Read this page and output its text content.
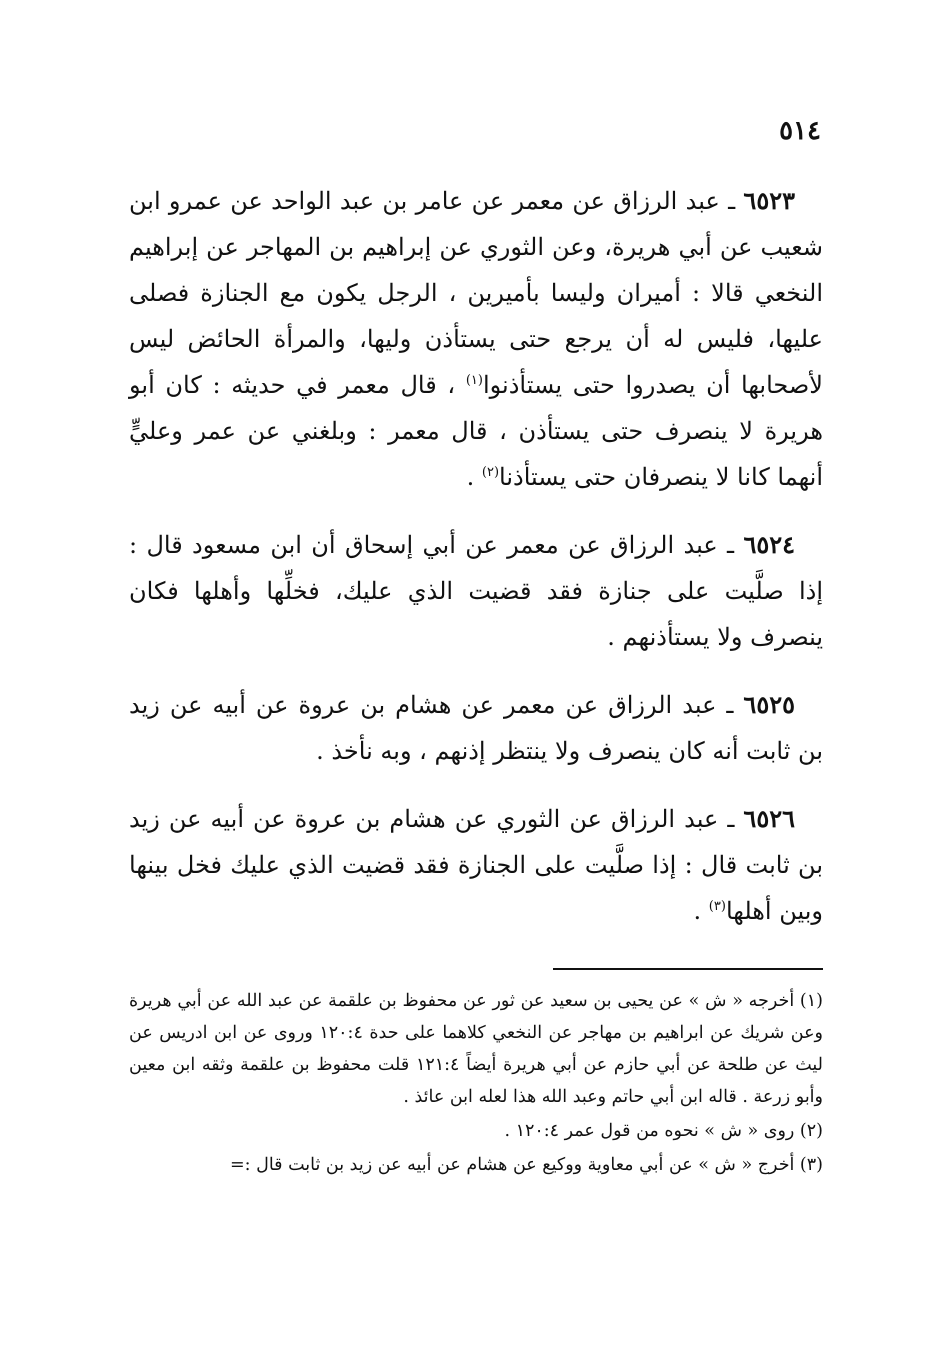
٥١٤

٦٥٢٣ ـ عبد الرزاق عن معمر عن عامر بن عبد الواحد عن عمرو ابن شعيب عن أبي هريرة، وعن الثوري عن إبراهيم بن المهاجر عن إبراهيم النخعي قالا : أميران وليسا بأميرين ، الرجل يكون مع الجنازة فصلى عليها، فليس له أن يرجع حتى يستأذن وليها، والمرأة الحائض ليس لأصحابها أن يصدروا حتى يستأذنوا$^{(١)}$ ، قال معمر في حديثه : كان أبو هريرة لا ينصرف حتى يستأذن ، قال معمر : وبلغني عن عمر وعليٍّ أنهما كانا لا ينصرفان حتى يستأذنا$^{(٢)}$ .

٦٥٢٤ ـ عبد الرزاق عن معمر عن أبي إسحاق أن ابن مسعود قال : إذا صلَّيت على جنازة فقد قضيت الذي عليك، فخلِّها وأهلها فكان ينصرف ولا يستأذنهم .

٦٥٢٥ ـ عبد الرزاق عن معمر عن هشام بن عروة عن أبيه عن زيد بن ثابت أنه كان ينصرف ولا ينتظر إذنهم ، وبه نأخذ .

٦٥٢٦ ـ عبد الرزاق عن الثوري عن هشام بن عروة عن أبيه عن زيد بن ثابت قال : إذا صلَّيت على الجنازة فقد قضيت الذي عليك فخل بينها وبين أهلها$^{(٣)}$ .

(١) أخرجه « ش » عن يحيى بن سعيد عن ثور عن محفوظ بن علقمة عن عبد الله عن أبي هريرة وعن شريك عن ابراهيم بن مهاجر عن النخعي كلاهما على حدة ١٢٠:٤ وروى عن ابن ادريس عن ليث عن طلحة عن أبي حازم عن أبي هريرة أيضاً ١٢١:٤ قلت محفوظ بن علقمة وثقه ابن معين وأبو زرعة . قاله ابن أبي حاتم وعبد الله هذا لعله ابن عائذ .

(٢) روى « ش » نحوه من قول عمر ١٢٠:٤ .

(٣) أخرج « ش » عن أبي معاوية ووكيع عن هشام عن أبيه عن زيد بن ثابت قال :=
